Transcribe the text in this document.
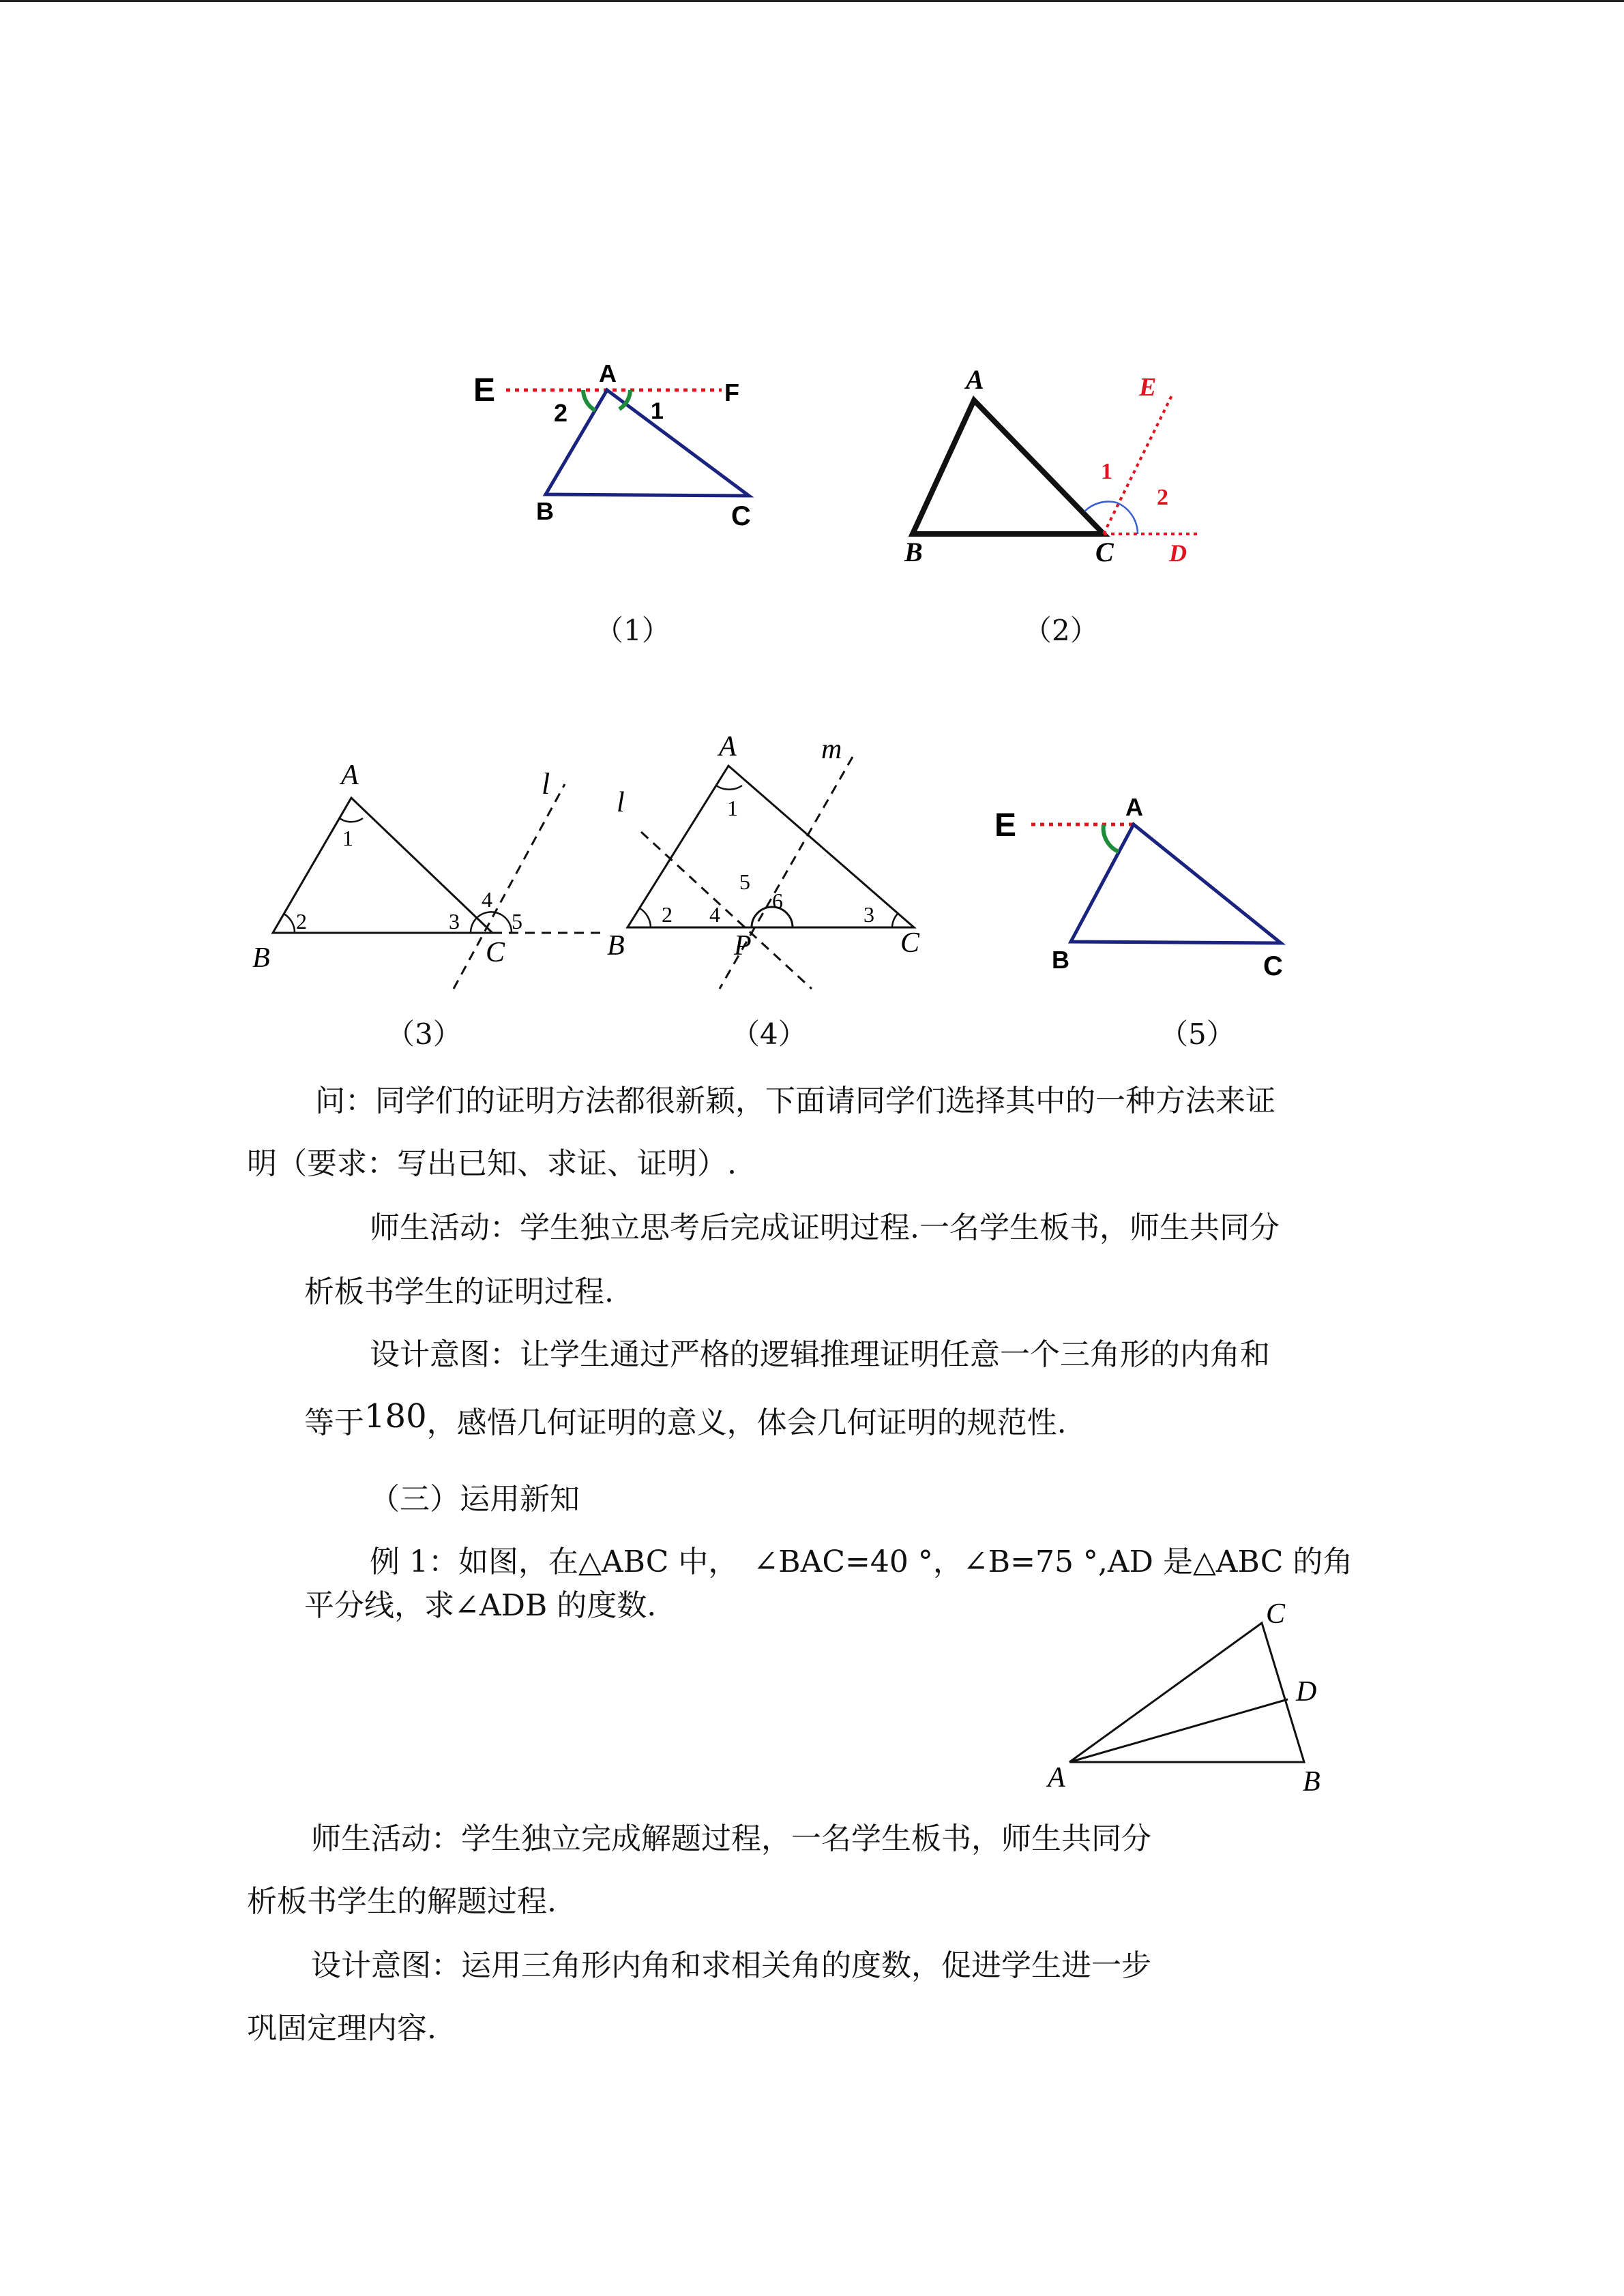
E	A
F
2	1
B	C
（1）
A
B	C D
E
1
2
（2）
A
B	C
l
1
2	3
4
5
（3）
A
B	C
P
l
m
1
2	3
4
5
6
（4）
E
A
B	C
（5）
问：同学们的证明方法都很新颖，下面请同学们选择其中的一种方法来证
明（要求：写出已知、求证、证明）.
师生活动：学生独立思考后完成证明过程.一名学生板书，师生共同分
析板书学生的证明过程.
设计意图：让学生通过严格的逻辑推理证明任意一个三角形的内角和
等于180，感悟几何证明的意义，体会几何证明的规范性.
（三）运用新知
例 1：如图，在△ABC 中，　∠BAC=40 °，∠B=75 °,AD 是△ABC 的角
平分线，求∠ADB 的度数.
A	B
C
D
师生活动：学生独立完成解题过程，一名学生板书，师生共同分
析板书学生的解题过程.
设计意图：运用三角形内角和求相关角的度数，促进学生进一步
巩固定理内容.
